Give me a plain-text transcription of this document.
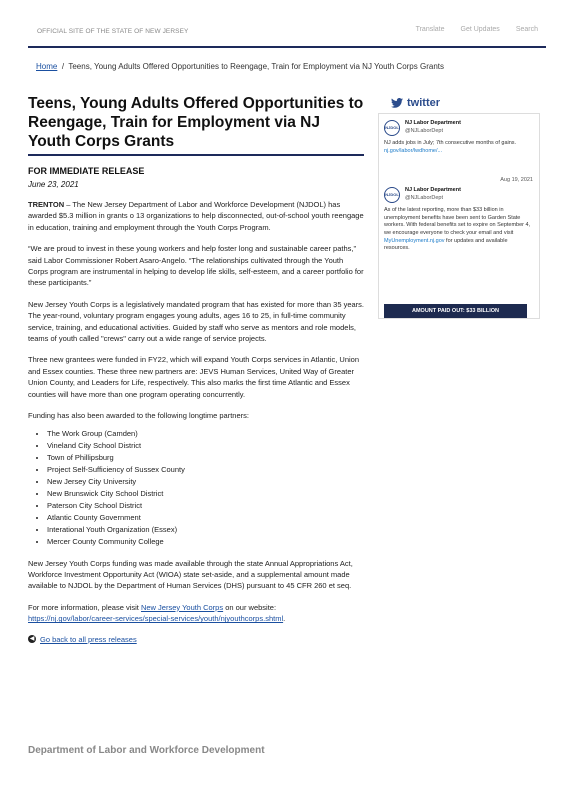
OFFICIAL SITE OF THE STATE OF NEW JERSEY	Translate Get Updates Search
Home / Teens, Young Adults Offered Opportunities to Reengage, Train for Employment via NJ Youth Corps Grants
Teens, Young Adults Offered Opportunities to Reengage, Train for Employment via NJ Youth Corps Grants
FOR IMMEDIATE RELEASE
June 23, 2021

TRENTON – The New Jersey Department of Labor and Workforce Development (NJDOL) has awarded $5.3 million in grants o 13 organizations to help disconnected, out-of-school youth reengage in education, training and employment through the Youth Corps Program.

“We are proud to invest in these young workers and help foster long and sustainable career paths,” said Labor Commissioner Robert Asaro-Angelo. “The relationships cultivated through the Youth Corps program are instrumental in helping to develop life skills, self-esteem, and a career portfolio for these participants.”

New Jersey Youth Corps is a legislatively mandated program that has existed for more than 35 years. The year-round, voluntary program engages young adults, ages 16 to 25, in full-time community service, training, and educational activities. Guided by staff who serve as mentors and role models, teams of youth called "crews" carry out a wide range of service projects.

Three new grantees were funded in FY22, which will expand Youth Corps services in Atlantic, Union and Essex counties. These three new partners are: JEVS Human Services, United Way of Greater Union County, and Leaders for Life, respectively. This also marks the first time Atlantic and Essex counties will have more than one program operating concurrently.

Funding has also been awarded to the following longtime partners:

• The Work Group (Camden)
• Vineland City School District
• Town of Phillipsburg
• Project Self-Sufficiency of Sussex County
• New Jersey City University
• New Brunswick City School District
• Paterson City School District
• Atlantic County Government
• Interational Youth Organization (Essex)
• Mercer County Community College

New Jersey Youth Corps funding was made available through the state Annual Appropriations Act, Workforce Investment Opportunity Act (WIOA) state set-aside, and a supplemental amount made available to NJDOL by the Department of Human Services (DHS) pursuant to 45 CFR 260 et seq.

For more information, please visit New Jersey Youth Corps on our website:
https://nj.gov/labor/career-services/special-services/youth/njyouthcorps.shtml.

◀ Go back to all press releases
twitter
NJDOL
NJ Labor Department
@NJLaborDept
NJ adds jobs in July; 7th consecutive months of gains. nj.gov/labor/lwdhome/...
Aug 19, 2021
NJDOL
NJ Labor Department
@NJLaborDept
As of the latest reporting, more than $33 billion in unemployment benefits have been sent to Garden State workers. With federal benefits set to expire on September 4, we encourage everyone to check your email and visit MyUnemployment.nj.gov for updates and available resources.
AMOUNT PAID OUT: $33 BILLION
Department of Labor and Workforce Development
